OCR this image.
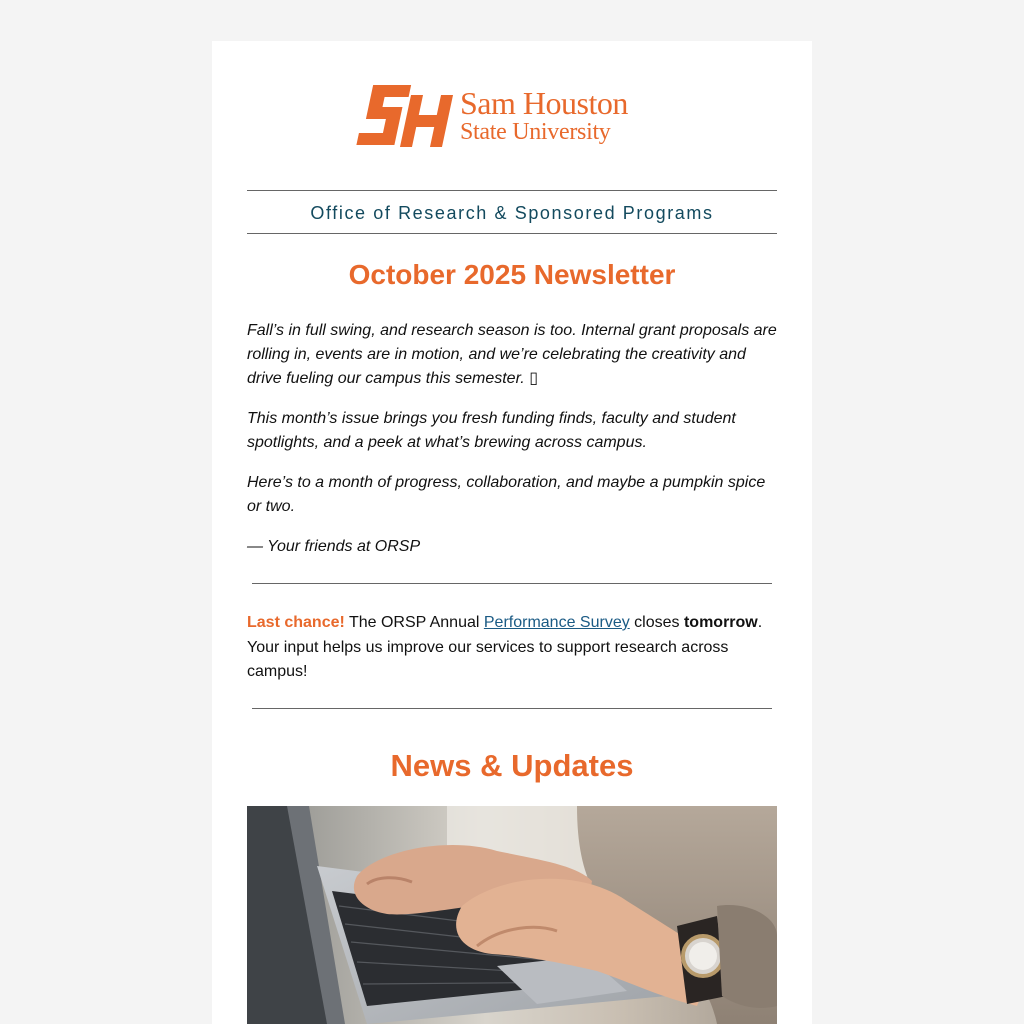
Sam Houston
State University
Office of Research & Sponsored Programs
October 2025 Newsletter

Fall’s in full swing, and research season is too. Internal grant proposals are rolling in, events are in motion, and we’re celebrating the creativity and drive fueling our campus this semester. ▯

This month’s issue brings you fresh funding finds, faculty and student spotlights, and a peek at what’s brewing across campus.

Here’s to a month of progress, collaboration, and maybe a pumpkin spice or two.

— Your friends at ORSP

Last chance! The ORSP Annual Performance Survey closes tomorrow. Your input helps us improve our services to support research across campus!
News & Updates
